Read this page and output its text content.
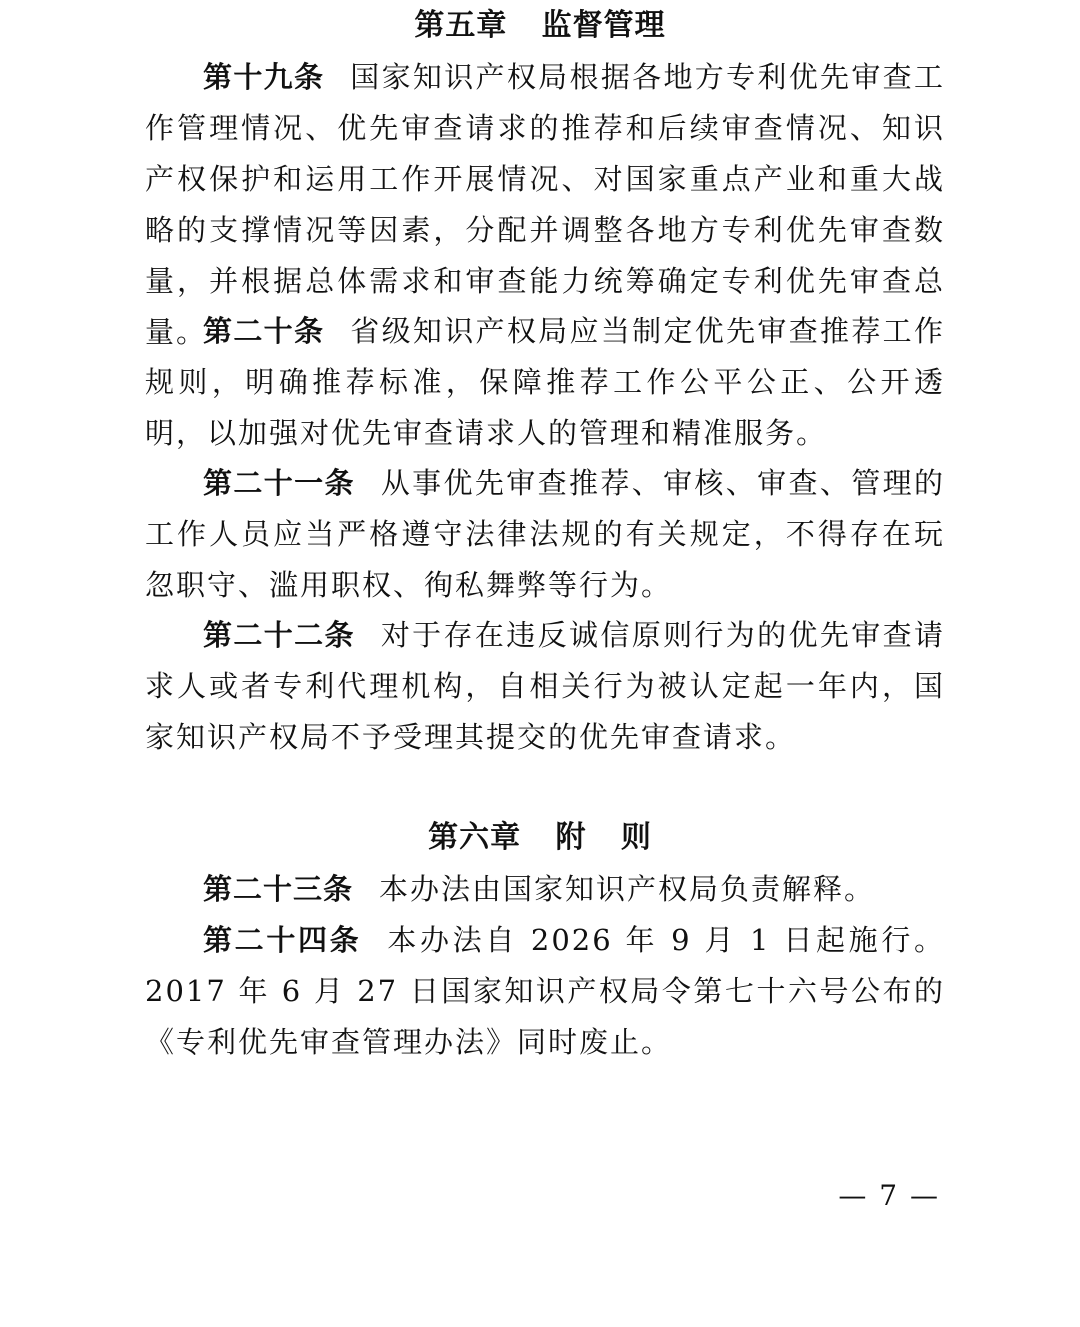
第五章   监督管理

第十九条 国家知识产权局根据各地方专利优先审查工作管理情况、优先审查请求的推荐和后续审查情况、知识产权保护和运用工作开展情况、对国家重点产业和重大战略的支撑情况等因素，分配并调整各地方专利优先审查数量，并根据总体需求和审查能力统筹确定专利优先审查总量。

第二十条 省级知识产权局应当制定优先审查推荐工作规则，明确推荐标准，保障推荐工作公平公正、公开透明，以加强对优先审查请求人的管理和精准服务。

第二十一条 从事优先审查推荐、审核、审查、管理的工作人员应当严格遵守法律法规的有关规定，不得存在玩忽职守、滥用职权、徇私舞弊等行为。

第二十二条 对于存在违反诚信原则行为的优先审查请求人或者专利代理机构，自相关行为被认定起一年内，国家知识产权局不予受理其提交的优先审查请求。

第六章   附   则

第二十三条 本办法由国家知识产权局负责解释。

第二十四条 本办法自 2026 年 9 月 1 日起施行。2017 年 6 月 27 日国家知识产权局令第七十六号公布的《专利优先审查管理办法》同时废止。

— 7 —
